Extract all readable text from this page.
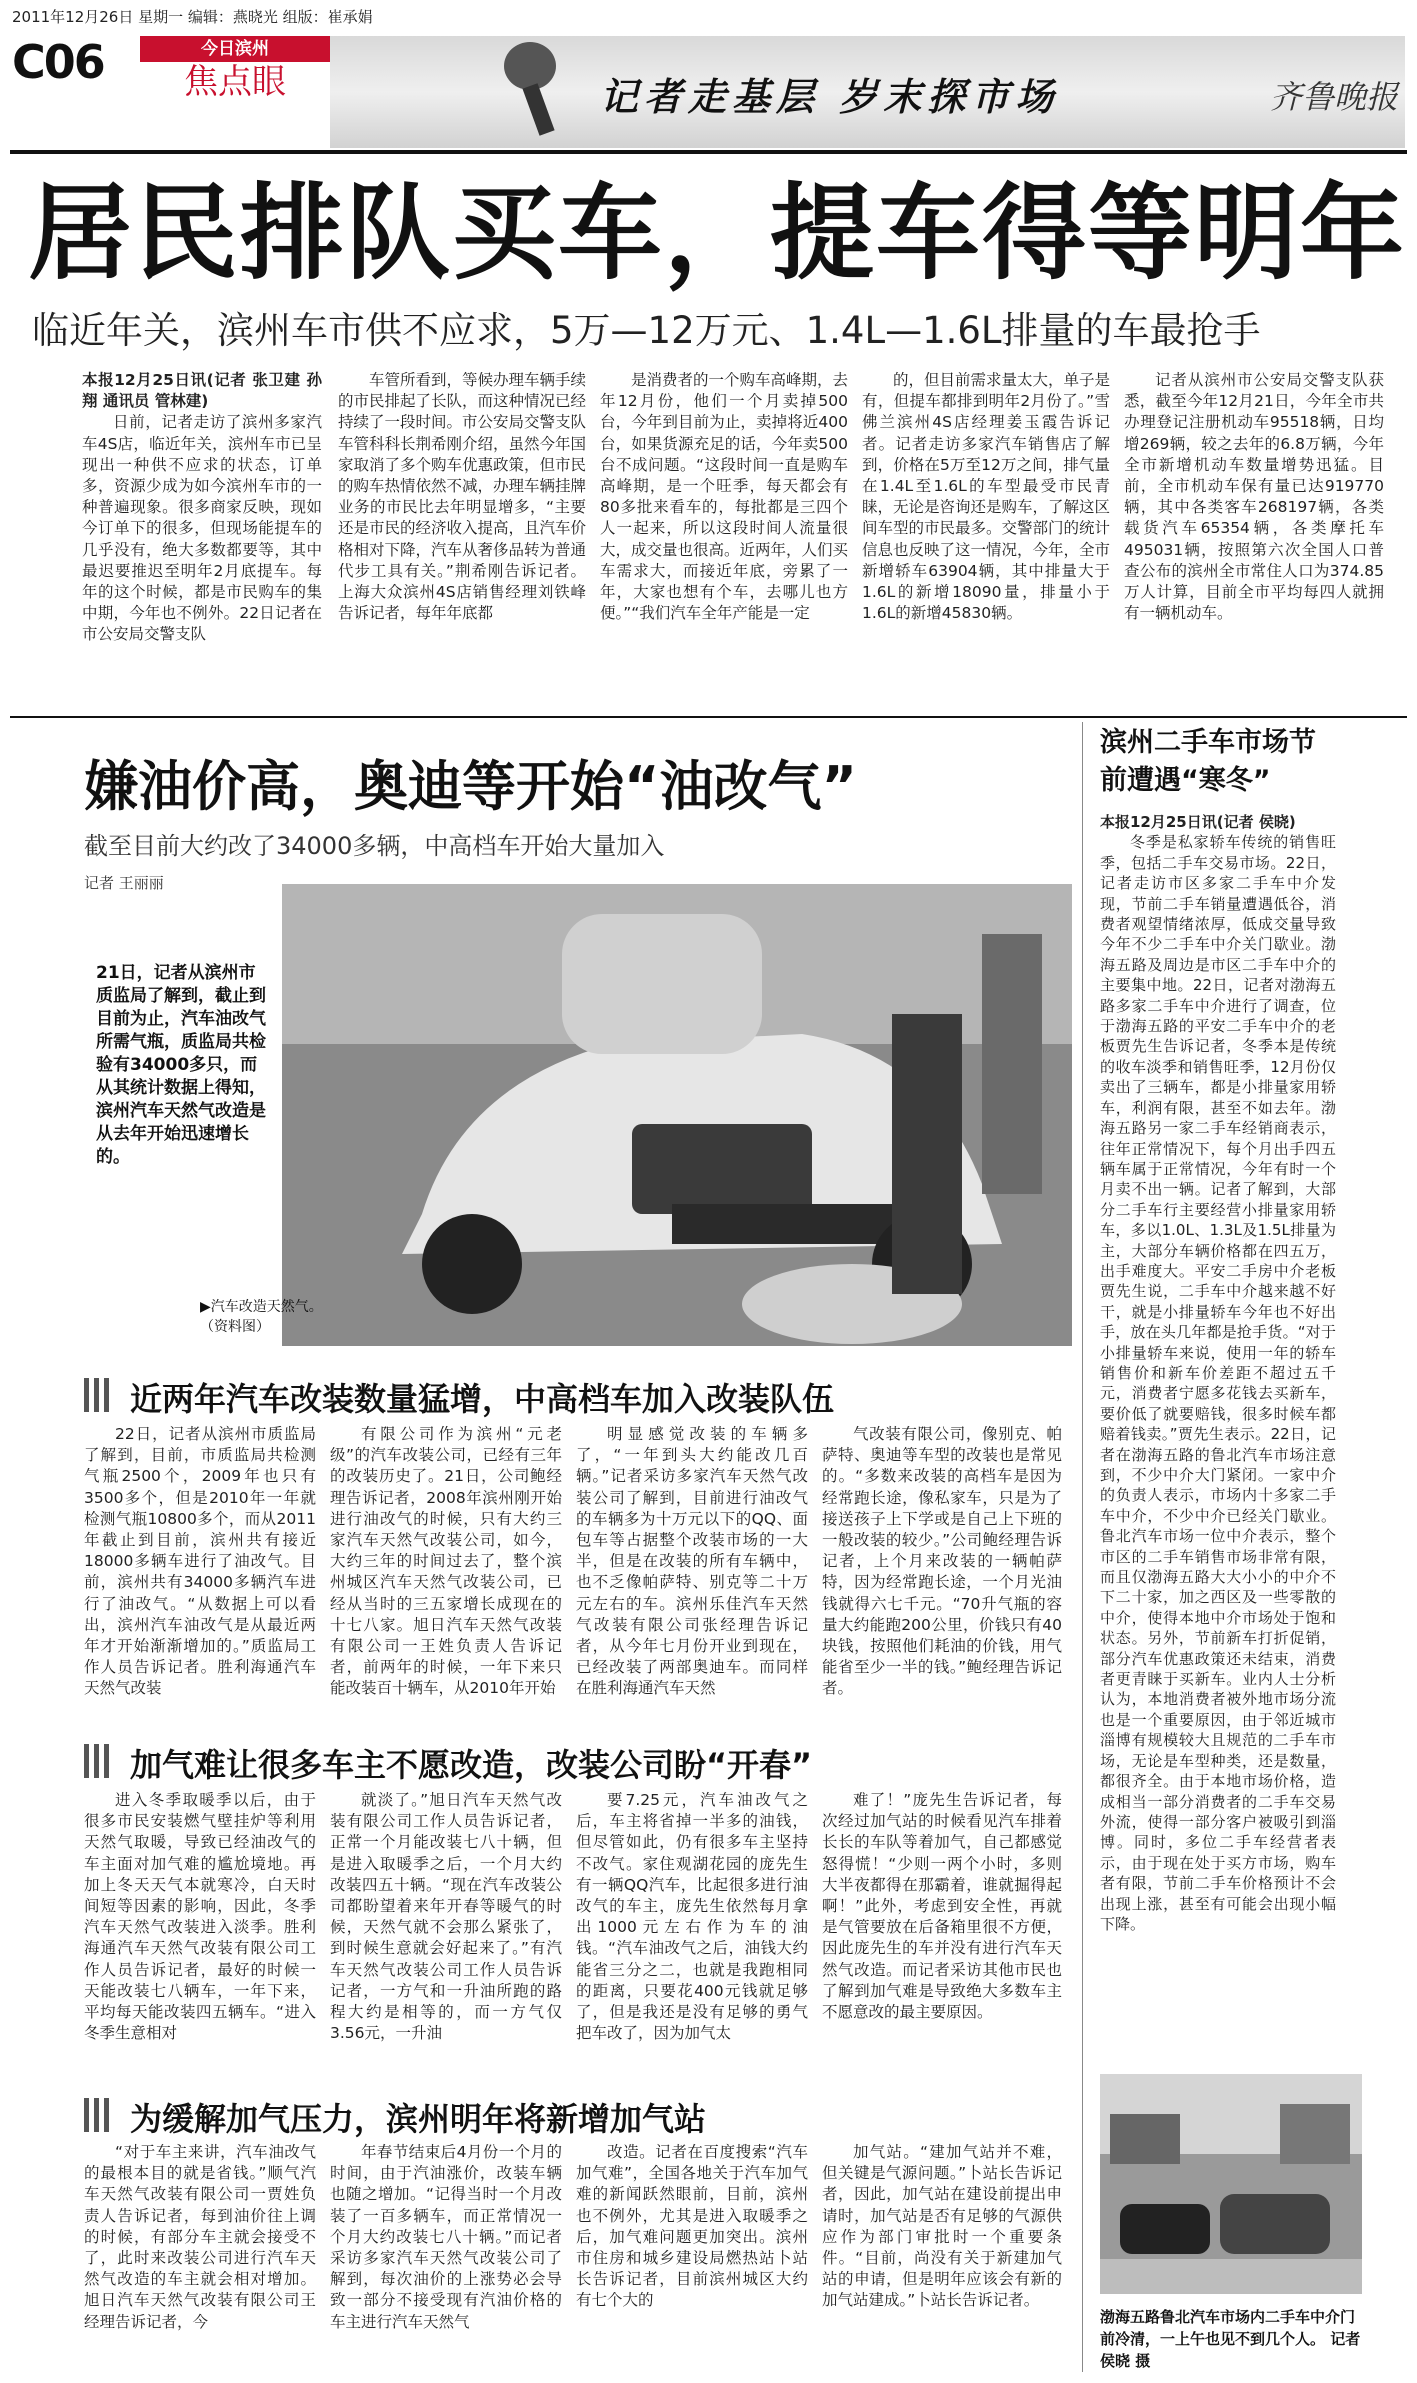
2011年12月26日 星期一 编辑：燕晓光 组版：崔承娟
C06	今日滨州
焦点眼	记者走基层 岁末探市场	齐鲁晚报
居民排队买车，提车得等明年
临近年关，滨州车市供不应求，5万—12万元、1.4L—1.6L排量的车最抢手
本报12月25日讯(记者 张卫建 孙翔 通讯员 管林建)

日前，记者走访了滨州多家汽车4S店，临近年关，滨州车市已呈现出一种供不应求的状态，订单多，资源少成为如今滨州车市的一种普遍现象。很多商家反映，现如今订单下的很多，但现场能提车的几乎没有，绝大多数都要等，其中最迟要推迟至明年2月底提车。每年的这个时候，都是市民购车的集中期，今年也不例外。22日记者在市公安局交警支队

车管所看到，等候办理车辆手续的市民排起了长队，而这种情况已经持续了一段时间。市公安局交警支队车管科科长荆希刚介绍，虽然今年国家取消了多个购车优惠政策，但市民的购车热情依然不减，办理车辆挂牌业务的市民比去年明显增多，“主要还是市民的经济收入提高，且汽车价格相对下降，汽车从奢侈品转为普通代步工具有关。”荆希刚告诉记者。上海大众滨州4S店销售经理刘铁峰告诉记者，每年年底都

是消费者的一个购车高峰期，去年12月份，他们一个月卖掉500台，今年到目前为止，卖掉将近400台，如果货源充足的话，今年卖500台不成问题。“这段时间一直是购车高峰期，是一个旺季，每天都会有80多批来看车的，每批都是三四个人一起来，所以这段时间人流量很大，成交量也很高。近两年，人们买车需求大，而接近年底，旁累了一年，大家也想有个车，去哪儿也方便。”“我们汽车全年产能是一定

的，但目前需求量太大，单子是有，但提车都排到明年2月份了。”雪佛兰滨州4S店经理姜玉霞告诉记者。记者走访多家汽车销售店了解到，价格在5万至12万之间，排气量在1.4L至1.6L的车型最受市民青睐，无论是咨询还是购车，了解这区间车型的市民最多。交警部门的统计信息也反映了这一情况，今年，全市新增轿车63904辆，其中排量大于1.6L的新增18090量，排量小于1.6L的新增45830辆。

记者从滨州市公安局交警支队获悉，截至今年12月21日，今年全市共办理登记注册机动车95518辆，日均增269辆，较之去年的6.8万辆，今年全市新增机动车数量增势迅猛。目前，全市机动车保有量已达919770辆，其中各类客车268197辆，各类载货汽车65354辆，各类摩托车495031辆，按照第六次全国人口普查公布的滨州全市常住人口为374.85万人计算，目前全市平均每四人就拥有一辆机动车。

嫌油价高，奥迪等开始“油改气”
截至目前大约改了34000多辆，中高档车开始大量加入
记者 王丽丽
21日，记者从滨州市质监局了解到，截止到目前为止，汽车油改气所需气瓶，质监局共检验有34000多只，而从其统计数据上得知，滨州汽车天然气改造是从去年开始迅速增长的。
▶汽车改造天然气。（资料图）
近两年汽车改装数量猛增，中高档车加入改装队伍

22日，记者从滨州市质监局了解到，目前，市质监局共检测气瓶2500个，2009年也只有3500多个，但是2010年一年就检测气瓶10800多个，而从2011年截止到目前，滨州共有接近18000多辆车进行了油改气。目前，滨州共有34000多辆汽车进行了油改气。“从数据上可以看出，滨州汽车油改气是从最近两年才开始渐渐增加的。”质监局工作人员告诉记者。胜利海通汽车天然气改装

有限公司作为滨州“元老级”的汽车改装公司，已经有三年的改装历史了。21日，公司鲍经理告诉记者，2008年滨州刚开始进行油改气的时候，只有大约三家汽车天然气改装公司，如今，大约三年的时间过去了，整个滨州城区汽车天然气改装公司，已经从当时的三五家增长成现在的十七八家。旭日汽车天然气改装有限公司一王姓负责人告诉记者，前两年的时候，一年下来只能改装百十辆车，从2010年开始

明显感觉改装的车辆多了，“一年到头大约能改几百辆。”记者采访多家汽车天然气改装公司了解到，目前进行油改气的车辆多为十万元以下的QQ、面包车等占据整个改装市场的一大半，但是在改装的所有车辆中，也不乏像帕萨特、别克等二十万元左右的车。滨州乐佳汽车天然气改装有限公司张经理告诉记者，从今年七月份开业到现在，已经改装了两部奥迪车。而同样在胜利海通汽车天然

气改装有限公司，像别克、帕萨特、奥迪等车型的改装也是常见的。“多数来改装的高档车是因为经常跑长途，像私家车，只是为了接送孩子上下学或是自己上下班的一般改装的较少。”公司鲍经理告诉记者，上个月来改装的一辆帕萨特，因为经常跑长途，一个月光油钱就得六七千元。“70升气瓶的容量大约能跑200公里，价钱只有40块钱，按照他们耗油的价钱，用气能省至少一半的钱。”鲍经理告诉记者。

加气难让很多车主不愿改造，改装公司盼“开春”

进入冬季取暖季以后，由于很多市民安装燃气壁挂炉等利用天然气取暖，导致已经油改气的车主面对加气难的尴尬境地。再加上冬天天气本就寒冷，白天时间短等因素的影响，因此，冬季汽车天然气改装进入淡季。胜利海通汽车天然气改装有限公司工作人员告诉记者，最好的时候一天能改装七八辆车，一年下来，平均每天能改装四五辆车。“进入冬季生意相对

就淡了。”旭日汽车天然气改装有限公司工作人员告诉记者，正常一个月能改装七八十辆，但是进入取暖季之后，一个月大约改装四五十辆。“现在汽车改装公司都盼望着来年开春等暖气的时候，天然气就不会那么紧张了，到时候生意就会好起来了。”有汽车天然气改装公司工作人员告诉记者，一方气和一升油所跑的路程大约是相等的，而一方气仅3.56元，一升油

要7.25元，汽车油改气之后，车主将省掉一半多的油钱，但尽管如此，仍有很多车主坚持不改气。家住观湖花园的庞先生有一辆QQ汽车，比起很多进行油改气的车主，庞先生依然每月拿出1000元左右作为车的油钱。“汽车油改气之后，油钱大约能省三分之二，也就是我跑相同的距离，只要花400元钱就足够了，但是我还是没有足够的勇气把车改了，因为加气太

难了！”庞先生告诉记者，每次经过加气站的时候看见汽车排着长长的车队等着加气，自己都感觉怒得慌！“少则一两个小时，多则大半夜都得在那霸着，谁就掘得起啊！”此外，考虑到安全性，再就是气管要放在后备箱里很不方便，因此庞先生的车并没有进行汽车天然气改造。而记者采访其他市民也了解到加气难是导致绝大多数车主不愿意改的最主要原因。

为缓解加气压力，滨州明年将新增加气站

“对于车主来讲，汽车油改气的最根本目的就是省钱。”顺气汽车天然气改装有限公司一贾姓负责人告诉记者，每到油价往上调的时候，有部分车主就会接受不了，此时来改装公司进行汽车天然气改造的车主就会相对增加。旭日汽车天然气改装有限公司王经理告诉记者，今

年春节结束后4月份一个月的时间，由于汽油涨价，改装车辆也随之增加。“记得当时一个月改装了一百多辆车，而正常情况一个月大约改装七八十辆。”而记者采访多家汽车天然气改装公司了解到，每次油价的上涨势必会导致一部分不接受现有汽油价格的车主进行汽车天然气

改造。记者在百度搜索“汽车加气难”，全国各地关于汽车加气难的新闻跃然眼前，目前，滨州也不例外，尤其是进入取暖季之后，加气难问题更加突出。滨州市住房和城乡建设局燃热站卜站长告诉记者，目前滨州城区大约有七个大的

加气站。“建加气站并不难，但关键是气源问题。”卜站长告诉记者，因此，加气站在建设前提出申请时，加气站是否有足够的气源供应作为部门审批时一个重要条件。“目前，尚没有关于新建加气站的申请，但是明年应该会有新的加气站建成。”卜站长告诉记者。

滨州二手车市场节前遭遇“寒冬”
本报12月25日讯(记者 侯晓)

冬季是私家轿车传统的销售旺季，包括二手车交易市场。22日，记者走访市区多家二手车中介发现，节前二手车销量遭遇低谷，消费者观望情绪浓厚，低成交量导致今年不少二手车中介关门歇业。渤海五路及周边是市区二手车中介的主要集中地。22日，记者对渤海五路多家二手车中介进行了调查，位于渤海五路的平安二手车中介的老板贾先生告诉记者，冬季本是传统的收车淡季和销售旺季，12月份仅卖出了三辆车，都是小排量家用轿车，利润有限，甚至不如去年。渤海五路另一家二手车经销商表示，往年正常情况下，每个月出手四五辆车属于正常情况，今年有时一个月卖不出一辆。记者了解到，大部分二手车行主要经营小排量家用轿车，多以1.0L、1.3L及1.5L排量为主，大部分车辆价格都在四五万，出手难度大。平安二手房中介老板贾先生说，二手车中介越来越不好干，就是小排量轿车今年也不好出手，放在头几年都是抢手货。“对于小排量轿车来说，使用一年的轿车销售价和新车价差距不超过五千元，消费者宁愿多花钱去买新车，要价低了就要赔钱，很多时候车都赔着钱卖。”贾先生表示。22日，记者在渤海五路的鲁北汽车市场注意到，不少中介大门紧闭。一家中介的负责人表示，市场内十多家二手车中介，不少中介已经关门歇业。鲁北汽车市场一位中介表示，整个市区的二手车销售市场非常有限，而且仅渤海五路大大小小的中介不下二十家，加之西区及一些零散的中介，使得本地中介市场处于饱和状态。另外，节前新车打折促销，部分汽车优惠政策还未结束，消费者更青睐于买新车。业内人士分析认为，本地消费者被外地市场分流也是一个重要原因，由于邻近城市淄博有规模较大且规范的二手车市场，无论是车型种类，还是数量，都很齐全。由于本地市场价格，造成相当一部分消费者的二手车交易外流，使得一部分客户被吸引到淄博。同时，多位二手车经营者表示，由于现在处于买方市场，购车者有限，节前二手车价格预计不会出现上涨，甚至有可能会出现小幅下降。

渤海五路鲁北汽车市场内二手车中介门前冷清，一上午也见不到几个人。 记者 侯晓 摄
